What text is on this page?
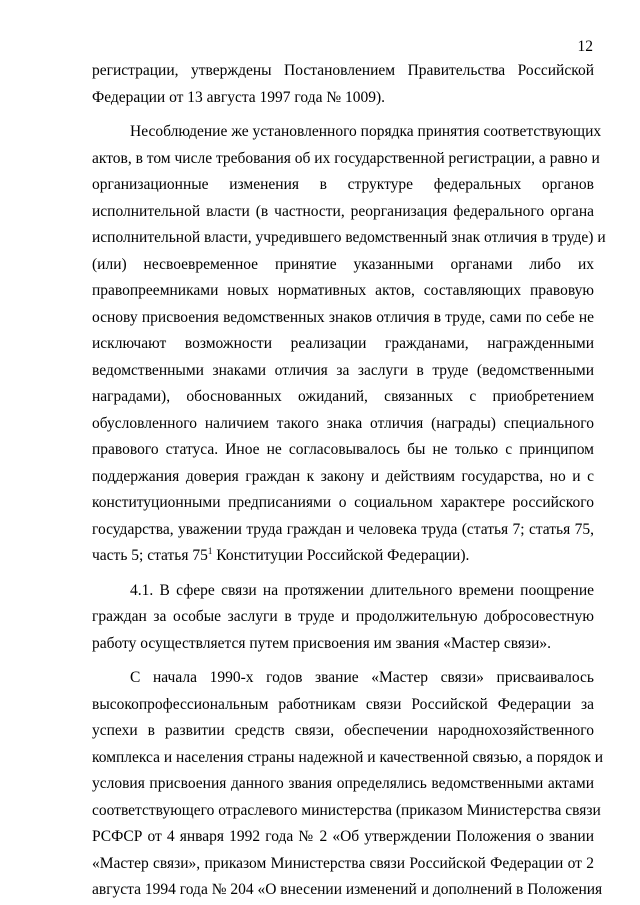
12
регистрации, утверждены Постановлением Правительства Российской
Федерации от 13 августа 1997 года № 1009).
Несоблюдение же установленного порядка принятия соответствующих
актов, в том числе требования об их государственной регистрации, а равно и
организационные изменения в структуре федеральных органов
исполнительной власти (в частности, реорганизация федерального органа
исполнительной власти, учредившего ведомственный знак отличия в труде) и
(или) несвоевременное принятие указанными органами либо их
правопреемниками новых нормативных актов, составляющих правовую
основу присвоения ведомственных знаков отличия в труде, сами по себе не
исключают возможности реализации гражданами, награжденными
ведомственными знаками отличия за заслуги в труде (ведомственными
наградами), обоснованных ожиданий, связанных с приобретением
обусловленного наличием такого знака отличия (награды) специального
правового статуса. Иное не согласовывалось бы не только с принципом
поддержания доверия граждан к закону и действиям государства, но и с
конституционными предписаниями о социальном характере российского
государства, уважении труда граждан и человека труда (статья 7; статья 75,
часть 5; статья $75^1$ Конституции Российской Федерации).
4.1. В сфере связи на протяжении длительного времени поощрение
граждан за особые заслуги в труде и продолжительную добросовестную
работу осуществляется путем присвоения им звания «Мастер связи».
С начала 1990-х годов звание «Мастер связи» присваивалось
высокопрофессиональным работникам связи Российской Федерации за
успехи в развитии средств связи, обеспечении народнохозяйственного
комплекса и населения страны надежной и качественной связью, а порядок и
условия присвоения данного звания определялись ведомственными актами
соответствующего отраслевого министерства (приказом Министерства связи
РСФСР от 4 января 1992 года № 2 «Об утверждении Положения о звании
«Мастер связи», приказом Министерства связи Российской Федерации от 2
августа 1994 года № 204 «О внесении изменений и дополнений в Положения
